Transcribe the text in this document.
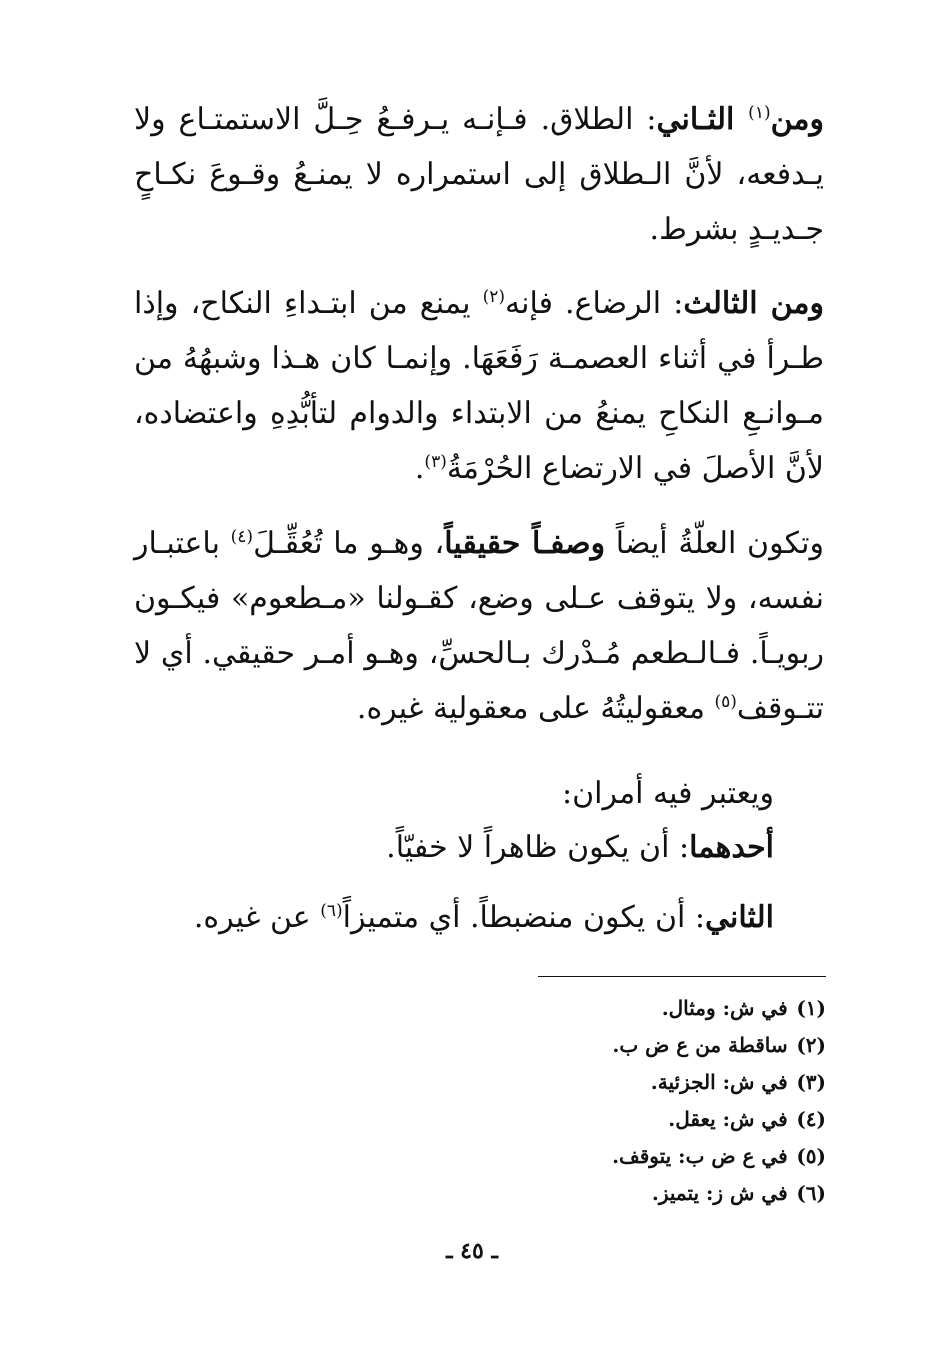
ومن$^{(١)}$ الثـاني: الطلاق. فـإنـه يـرفـعُ حِـلَّ الاستمتـاع ولا يـدفعه، لأنَّ الـطلاق إلى استمراره لا يمنـعُ وقـوعَ نكـاحٍ جـديـدٍ بشرط.

ومن الثالث: الرضاع. فإنه$^{(٢)}$ يمنع من ابتـداءِ النكاح، وإذا طـرأ في أثناء العصمـة رَفَعَهَا. وإنمـا كان هـذا وشبهُهُ من مـوانـعِ النكاحِ يمنعُ من الابتداء والدوام لتأبُّدِهِ واعتضاده، لأنَّ الأصلَ في الارتضاع الحُرْمَةُ$^{(٣)}$.

وتكون العلّةُ أيضاً وصفـاً حقيقياً، وهـو ما تُعُقِّـلَ$^{(٤)}$ باعتبـار نفسه، ولا يتوقف عـلى وضع، كقـولنا «مـطعوم» فيكـون ربويـاً. فـالـطعم مُـدْرك بـالحسِّ، وهـو أمـر حقيقي. أي لا تتـوقف$^{(٥)}$ معقوليتُهُ على معقولية غيره.

ويعتبر فيه أمران:
أحدهما: أن يكون ظاهراً لا خفيّاً.
الثاني: أن يكون منضبطاً. أي متميزاً$^{(٦)}$ عن غيره.
(١) في ش: ومثال.
(٢) ساقطة من ع ض ب.
(٣) في ش: الجزئية.
(٤) في ش: يعقل.
(٥) في ع ض ب: يتوقف.
(٦) في ش ز: يتميز.
ـ ٤٥ ـ
